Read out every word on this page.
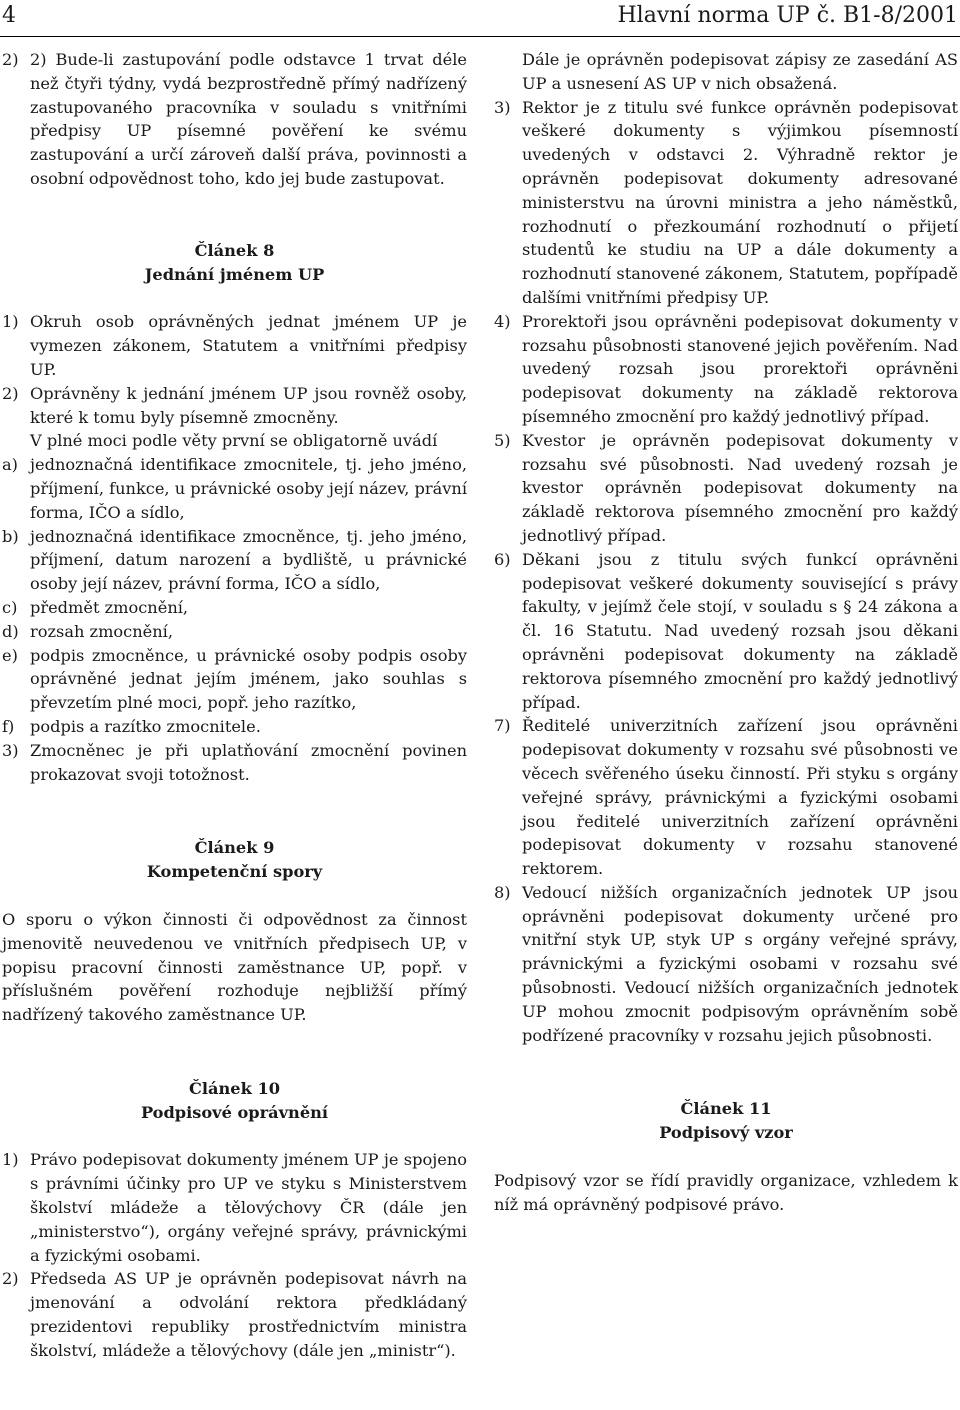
4	Hlavní norma UP č. B1-8/2001
2) 2) Bude-li zastupování podle odstavce 1 trvat déle než čtyři týdny, vydá bezprostředně přímý nadřízený zastupovaného pracovníka v souladu s vnitřními předpisy UP písemné pověření ke svému zastupování a určí zároveň další práva, povinnosti a osobní odpovědnost toho, kdo jej bude zastupovat.
Článek 8
Jednání jménem UP
1) Okruh osob oprávněných jednat jménem UP je vymezen zákonem, Statutem a vnitřními předpisy UP.
2) Oprávněny k jednání jménem UP jsou rovněž osoby, které k tomu byly písemně zmocněny.
V plné moci podle věty první se obligatorně uvádí
a) jednoznačná identifikace zmocnitele, tj. jeho jméno, příjmení, funkce, u právnické osoby její název, právní forma, IČO a sídlo,
b) jednoznačná identifikace zmocněnce, tj. jeho jméno, příjmení, datum narození a bydliště, u právnické osoby její název, právní forma, IČO a sídlo,
c) předmět zmocnění,
d) rozsah zmocnění,
e) podpis zmocněnce, u právnické osoby podpis osoby oprávněné jednat jejím jménem, jako souhlas s převzetím plné moci, popř. jeho razítko,
f) podpis a razítko zmocnitele.
3) Zmocněnec je při uplatňování zmocnění povinen prokazovat svoji totožnost.
Článek 9
Kompetenční spory

O sporu o výkon činnosti či odpovědnost za činnost jmenovitě neuvedenou ve vnitřních předpisech UP, v popisu pracovní činnosti zaměstnance UP, popř. v příslušném pověření rozhoduje nejbližší přímý nadřízený takového zaměstnance UP.

Článek 10
Podpisové oprávnění
1) Právo podepisovat dokumenty jménem UP je spojeno s právními účinky pro UP ve styku s Ministerstvem školství mládeže a tělovýchovy ČR (dále jen „ministerstvo“), orgány veřejné správy, právnickými a fyzickými osobami.
2) Předseda AS UP je oprávněn podepisovat návrh na jmenování a odvolání rektora předkládaný prezidentovi republiky prostřednictvím ministra školství, mládeže a tělovýchovy (dále jen „ministr“).
Dále je oprávněn podepisovat zápisy ze zasedání AS UP a usnesení AS UP v nich obsažená.
3) Rektor je z titulu své funkce oprávněn podepisovat veškeré dokumenty s výjimkou písemností uvedených v odstavci 2. Výhradně rektor je oprávněn podepisovat dokumenty adresované ministerstvu na úrovni ministra a jeho náměstků, rozhodnutí o přezkoumání rozhodnutí o přijetí studentů ke studiu na UP a dále dokumenty a rozhodnutí stanovené zákonem, Statutem, popřípadě dalšími vnitřními předpisy UP.
4) Prorektoři jsou oprávněni podepisovat dokumenty v rozsahu působnosti stanovené jejich pověřením. Nad uvedený rozsah jsou prorektoři oprávněni podepisovat dokumenty na základě rektorova písemného zmocnění pro každý jednotlivý případ.
5) Kvestor je oprávněn podepisovat dokumenty v rozsahu své působnosti. Nad uvedený rozsah je kvestor oprávněn podepisovat dokumenty na základě rektorova písemného zmocnění pro každý jednotlivý případ.
6) Děkani jsou z titulu svých funkcí oprávněni podepisovat veškeré dokumenty související s právy fakulty, v jejímž čele stojí, v souladu s § 24 zákona a čl. 16 Statutu. Nad uvedený rozsah jsou děkani oprávněni podepisovat dokumenty na základě rektorova písemného zmocnění pro každý jednotlivý případ.
7) Ředitelé univerzitních zařízení jsou oprávněni podepisovat dokumenty v rozsahu své působnosti ve věcech svěřeného úseku činností. Při styku s orgány veřejné správy, právnickými a fyzickými osobami jsou ředitelé univerzitních zařízení oprávněni podepisovat dokumenty v rozsahu stanovené rektorem.
8) Vedoucí nižších organizačních jednotek UP jsou oprávněni podepisovat dokumenty určené pro vnitřní styk UP, styk UP s orgány veřejné správy, právnickými a fyzickými osobami v rozsahu své působnosti. Vedoucí nižších organizačních jednotek UP mohou zmocnit podpisovým oprávněním sobě podřízené pracovníky v rozsahu jejich působnosti.
Článek 11
Podpisový vzor

Podpisový vzor se řídí pravidly organizace, vzhledem k níž má oprávněný podpisové právo.
